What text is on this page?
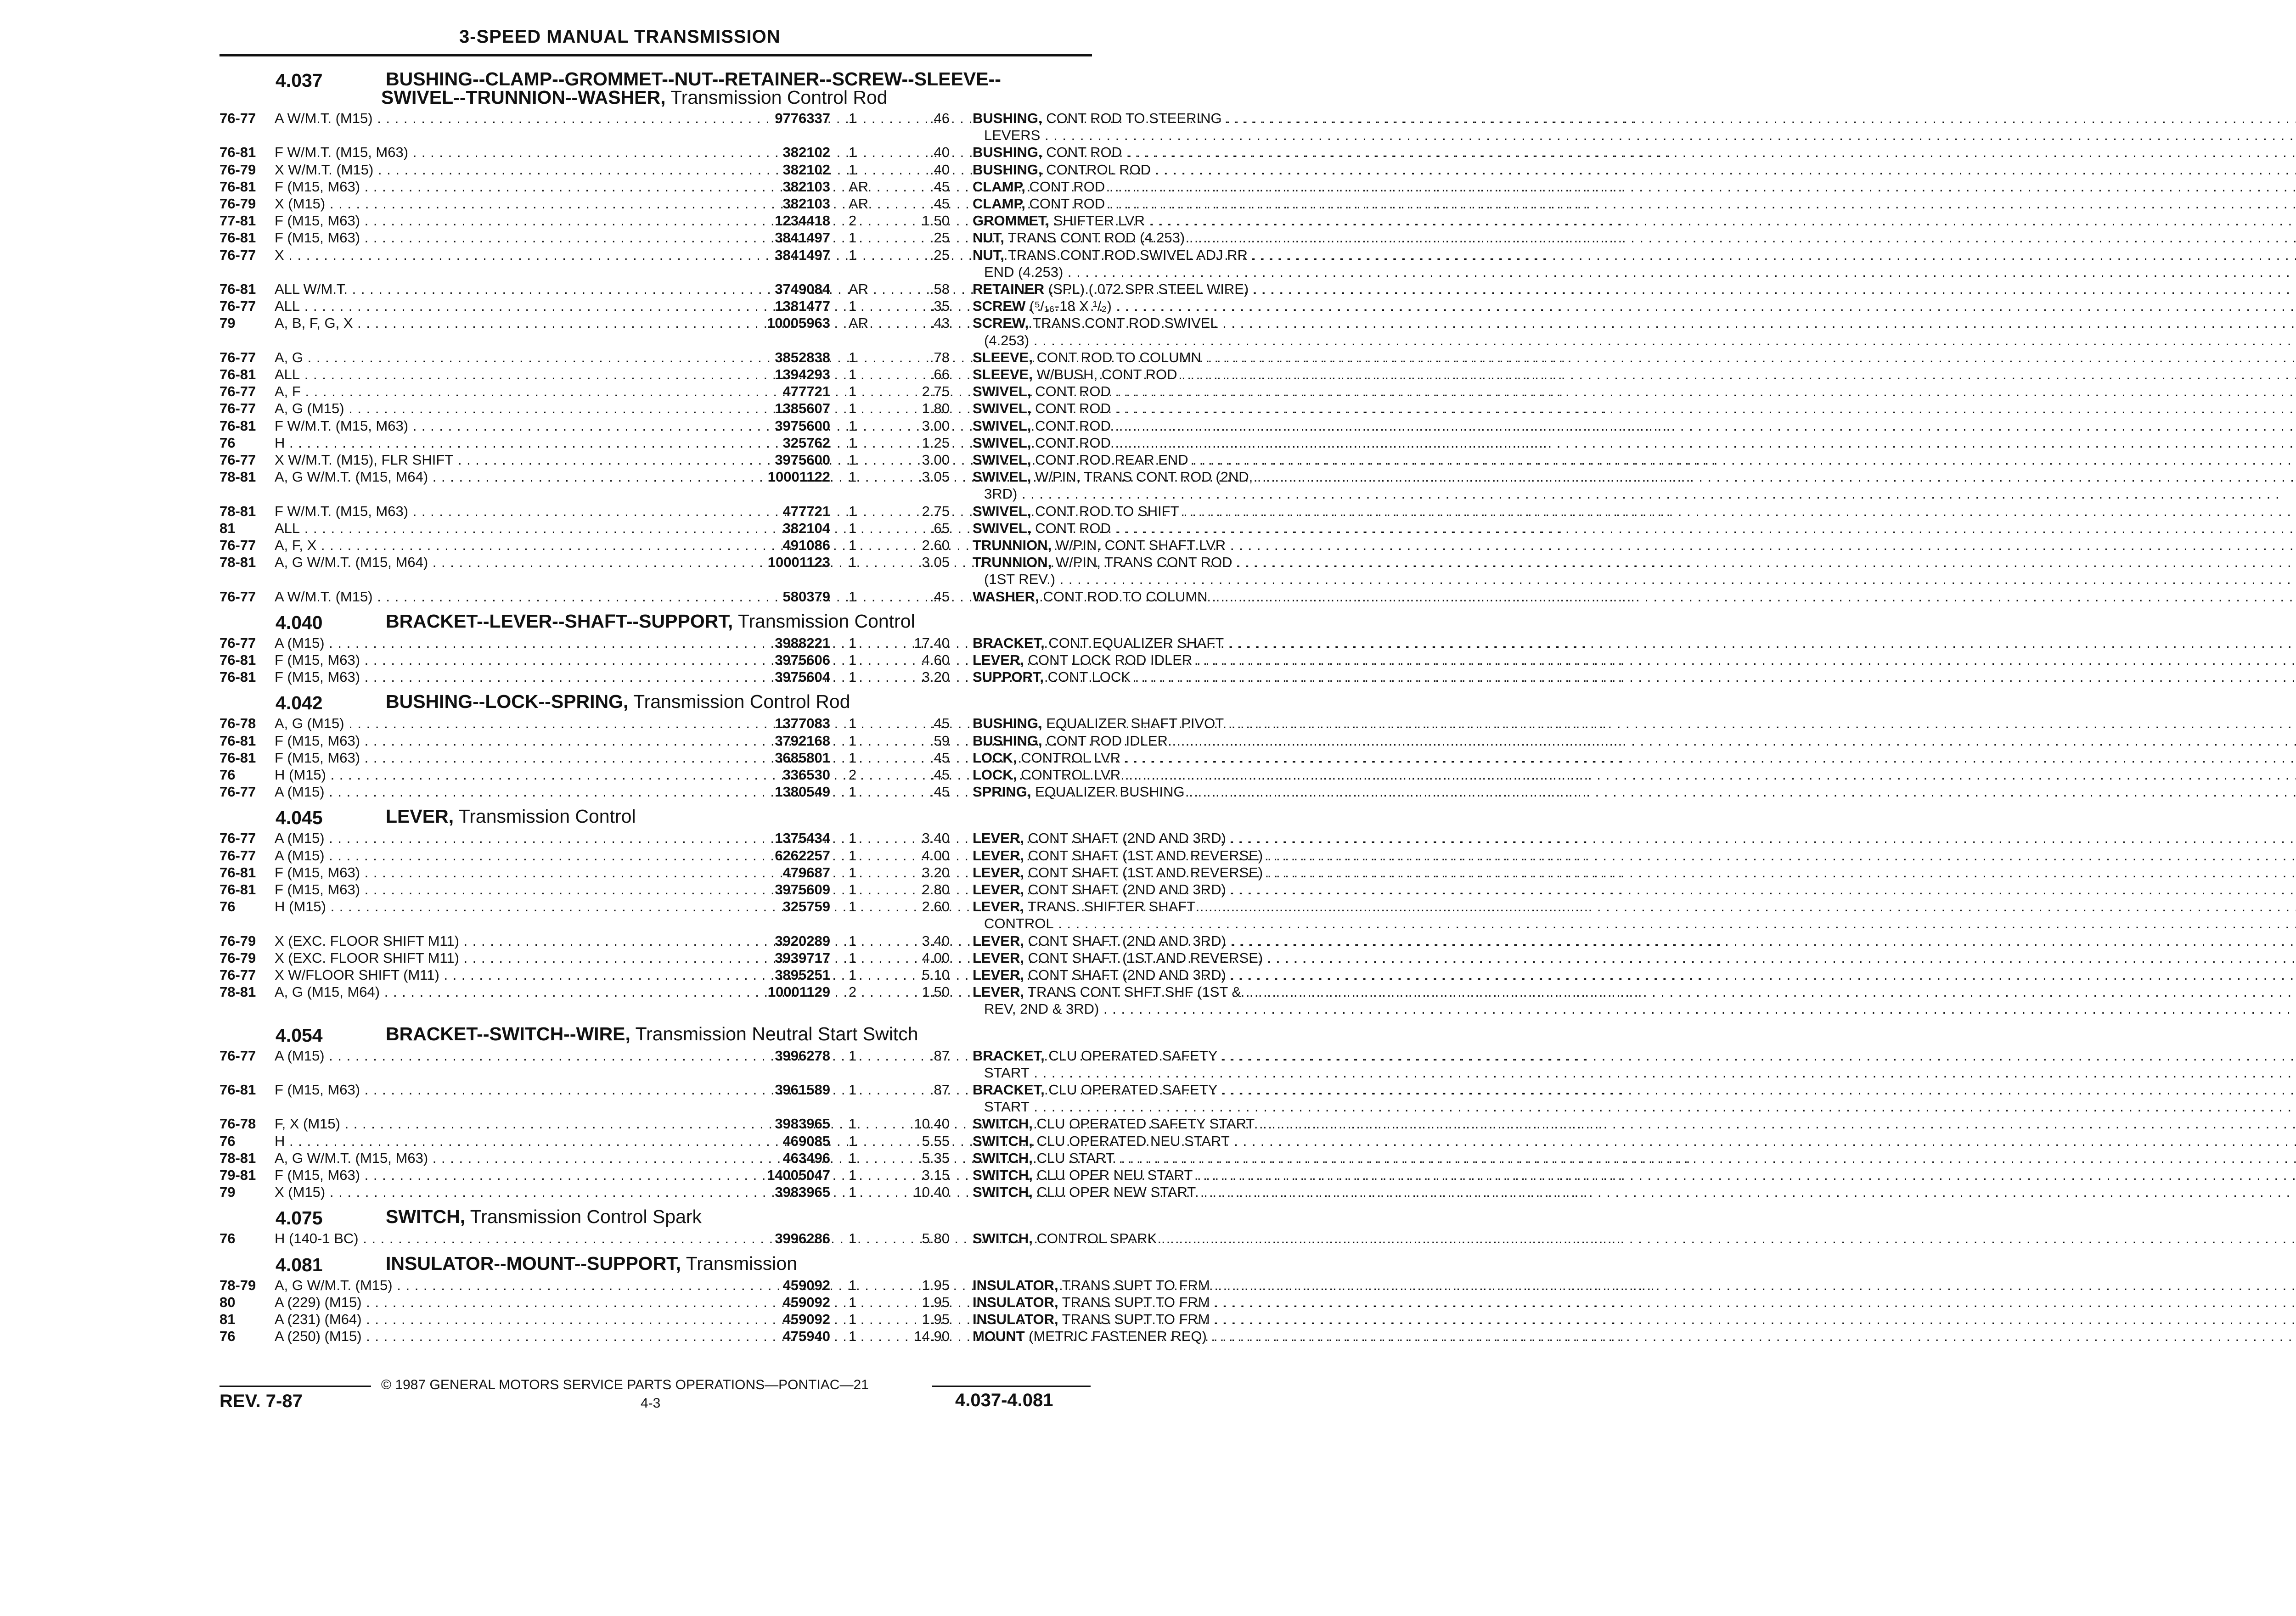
3-SPEED MANUAL TRANSMISSION
4.037	BUSHING--CLAMP--GROMMET--NUT--RETAINER--SCREW--SLEEVE--
SWIVEL--TRUNNION--WASHER, Transmission Control Rod
76-77 A W/M.T. (M15) . . .	9776337 1	.46 BUSHING, CONT ROD TO STEERING . . .
LEVERS . . .
76-81 F W/M.T. (M15, M63) . . .	382102 1	.40 BUSHING, CONT ROD . . .
76-79 X W/M.T. (M15) . . .	382102 1	.40 BUSHING, CONTROL ROD . . .
76-81 F (M15, M63) . . .	382103 AR	.45 CLAMP, CONT ROD . . .
76-79 X (M15) . . .	382103 AR	.45 CLAMP, CONT ROD . . .
77-81 F (M15, M63) . . .	1234418 2	1.50 GROMMET, SHIFTER LVR . . .
76-81 F (M15, M63) . . .	3841497 1	.25 NUT, TRANS CONT ROD (4.253) . . .
76-77 X . . .	3841497 1	.25 NUT, TRANS CONT ROD SWIVEL ADJ RR . . .
END (4.253) . . .
76-81 ALL W/M.T. . . .	3749084 AR	.58 RETAINER (SPL) (.072 SPR STEEL WIRE) . . .
76-77 ALL . . .	1381477 1	.35 SCREW (⁵/₁₆-18 X ¹/₂) . . .
79	A, B, F, G, X . . .	10005963 AR	.43 SCREW, TRANS CONT ROD SWIVEL . . .
(4.253) . . .
76-77 A, G . . .	3852838 1	.78 SLEEVE, CONT ROD TO COLUMN . . .
76-81 ALL . . .	1394293 1	.66 SLEEVE, W/BUSH, CONT ROD . . .
76-77 A, F . . .	477721 1	2.75 SWIVEL, CONT ROD . . .
76-77 A, G (M15) . . .	1385607 1	1.80 SWIVEL, CONT ROD . . .
76-81 F W/M.T. (M15, M63) . . .	3975600 1	3.00 SWIVEL, CONT ROD . . .
76	H . . .	325762 1	1.25 SWIVEL, CONT ROD . . .
76-77 X W/M.T. (M15), FLR SHIFT . . .	3975600 1	3.00 SWIVEL, CONT ROD REAR END . . .
78-81 A, G W/M.T. (M15, M64) . . .	10001122 1	3.05 SWIVEL, W/PIN, TRANS CONT ROD (2ND, . . .
3RD) . . .
78-81 F W/M.T. (M15, M63) . . .	477721 1	2.75 SWIVEL, CONT ROD TO SHIFT . . .
81	ALL . . .	382104 1	.65 SWIVEL, CONT ROD . . .
76-77 A, F, X . . .	491086 1	2.60 TRUNNION, W/PIN, CONT SHAFT LVR . . .
78-81 A, G W/M.T. (M15, M64) . . .	10001123 1	3.05 TRUNNION, W/PIN, TRANS CONT ROD . . .
(1ST REV.) . . .
76-77 A W/M.T. (M15) . . .	580379 1	.45 WASHER, CONT ROD TO COLUMN . . .
4.040	BRACKET--LEVER--SHAFT--SUPPORT, Transmission Control
76-77 A (M15) . . .	3988221 1	17.40 BRACKET, CONT EQUALIZER SHAFT . . .
76-81 F (M15, M63) . . .	3975606 1	4.60 LEVER, CONT LOCK ROD IDLER . . .
76-81 F (M15, M63) . . .	3975604 1	3.20 SUPPORT, CONT LOCK . . .
4.042	BUSHING--LOCK--SPRING, Transmission Control Rod
76-78 A, G (M15) . . .	1377083 1	.45 BUSHING, EQUALIZER SHAFT PIVOT . . .
76-81 F (M15, M63) . . .	3792168 1	.59 BUSHING, CONT ROD IDLER . . .
76-81 F (M15, M63) . . .	3685801 1	.45 LOCK, CONTROL LVR . . .
76	H (M15) . . .	336530 2	.45 LOCK, CONTROL LVR. . . .
76-77 A (M15) . . .	1380549 1	.45 SPRING, EQUALIZER BUSHING . . .
4.045	LEVER, Transmission Control
76-77 A (M15) . . .	1375434 1	3.40 LEVER, CONT SHAFT (2ND AND 3RD) . . .
76-77 A (M15) . . .	6262257 1	4.00 LEVER, CONT SHAFT (1ST AND REVERSE) . . .
76-81 F (M15, M63) . . .	479687 1	3.20 LEVER, CONT SHAFT (1ST AND REVERSE) . . .
76-81 F (M15, M63) . . .	3975609 1	2.80 LEVER, CONT SHAFT (2ND AND 3RD) . . .
76	H (M15) . . .	325759 1	2.60 LEVER, TRANS. SHIFTER SHAFT . . .
CONTROL . . .
76-79 X (EXC. FLOOR SHIFT M11) . . .	3920289 1	3.40 LEVER, CONT SHAFT (2ND AND 3RD) . . .
76-79 X (EXC. FLOOR SHIFT M11) . . .	3939717 1	4.00 LEVER, CONT SHAFT (1ST AND REVERSE) . . .
76-77 X W/FLOOR SHIFT (M11) . . .	3895251 1	5.10 LEVER, CONT SHAFT (2ND AND 3RD) . . .
78-81 A, G (M15, M64) . . .	10001129 2	1.50 LEVER, TRANS CONT SHFT SHF (1ST & . . .
REV, 2ND & 3RD) . . .
4.054	BRACKET--SWITCH--WIRE, Transmission Neutral Start Switch
76-77 A (M15) . . .	3996278 1	.87 BRACKET, CLU OPERATED SAFETY . . .
START . . .
76-81 F (M15, M63) . . .	3961589 1	.87 BRACKET, CLU OPERATED SAFETY . . .
START . . .
76-78 F, X (M15) . . .	3983965 1	10.40 SWITCH, CLU OPERATED SAFETY START . . .
76	H . . .	469085 1	5.55 SWITCH, CLU OPERATED NEU START . . .
78-81 A, G W/M.T. (M15, M63) . . .	463496 1	5.35 SWITCH, CLU START . . .
79-81 F (M15, M63) . . .	14005047 1	3.15 SWITCH, CLU OPER NEU START . . .
79	X (M15) . . .	3983965 1	10.40 SWITCH, CLU OPER NEW START . . .
4.075	SWITCH, Transmission Control Spark
76	H (140-1 BC) . . .	3996286 1	5.80 SWITCH, CONTROL SPARK . . .
4.081	INSULATOR--MOUNT--SUPPORT, Transmission
78-79 A, G W/M.T. (M15) . . .	459092 1	1.95 INSULATOR, TRANS SUPT TO FRM . . .
80	A (229) (M15) . . .	459092 1	1.95 INSULATOR, TRANS SUPT TO FRM . . .
81	A (231) (M64) . . .	459092 1	1.95 INSULATOR, TRANS SUPT TO FRM . . .
76	A (250) (M15) . . .	475940 1	14.90 MOUNT (METRIC FASTENER REQ) . . .
© 1987 GENERAL MOTORS SERVICE PARTS OPERATIONS—PONTIAC—21
REV. 7-87	4-3	4.037-4.081
